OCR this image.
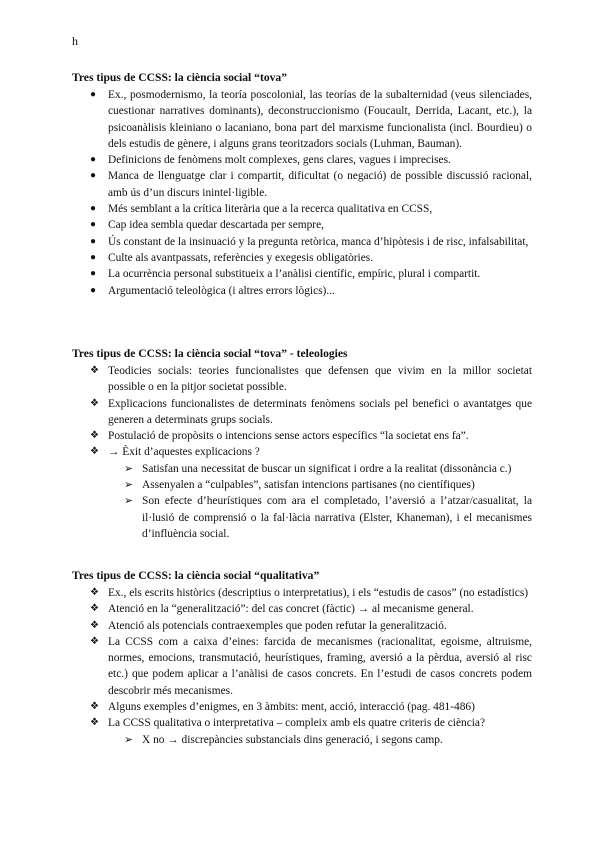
h
Tres tipus de CCSS: la ciència social “tova”
●	Ex., posmodernismo, la teoría poscolonial, las teorías de la subalternidad (veus silenciades, cuestionar narratives dominants), deconstruccionismo (Foucault, Derrida, Lacant, etc.), la psicoanàlisis kleiniano o lacaniano, bona part del marxisme funcionalista (incl. Bourdieu) o dels estudis de gènere, i alguns grans teoritzadors socials (Luhman, Bauman).
●	Definicions de fenòmens molt complexes, gens clares, vagues i imprecises.
●	Manca de llenguatge clar i compartit, dificultat (o negació) de possible discussió racional, amb ús d’un discurs inintel·ligible.
●	Més semblant a la crítica literària que a la recerca qualitativa en CCSS,
●	Cap idea sembla quedar descartada per sempre,
●	Ús constant de la insinuació y la pregunta retòrica, manca d’hipòtesis i de risc, infalsabilitat,
●	Culte als avantpassats, referències y exegesis obligatòries.
●	La ocurrència personal substitueix a l’anàlisi científic, empíric, plural i compartit.
●	Argumentació teleològica (i altres errors lògics)...
Tres tipus de CCSS: la ciència social “tova” - teleologies
❖ Teodicies socials: teories funcionalistes que defensen que vivim en la millor societat possible o en la pitjor societat possible.
❖ Explicacions funcionalistes de determinats fenòmens socials pel benefici o avantatges que generen a determinats grups socials.
❖ Postulació de propòsits o intencions sense actors específics “la societat ens fa”.
❖ → Èxit d’aquestes explicacions ?
➢ Satisfan una necessitat de buscar un significat i ordre a la realitat (dissonància c.)
➢ Assenyalen a “culpables”, satisfan intencions partisanes (no científiques)
➢ Son efecte d’heurístiques com ara el completado, l’aversió a l’atzar/casualitat, la il·lusió de comprensió o la fal·làcia narrativa (Elster, Khaneman), i el mecanismes d’influència social.
Tres tipus de CCSS: la ciència social “qualitativa”
❖ Ex., els escrits històrics (descriptius o interpretatius), i els “estudis de casos” (no estadístics)
❖ Atenció en la “generalització”: del cas concret (fàctic) → al mecanisme general.
❖ Atenció als potencials contraexemples que poden refutar la generalització.
❖ La CCSS com a caixa d’eines: farcida de mecanismes (racionalitat, egoisme, altruisme, normes, emocions, transmutació, heurístiques, framing, aversió a la pèrdua, aversió al risc etc.) que podem aplicar a l’anàlisi de casos concrets. En l’estudi de casos concrets podem descobrir més mecanismes.
❖ Alguns exemples d’enigmes, en 3 àmbits: ment, acció, interacció (pag. 481-486)
❖ La CCSS qualitativa o interpretativa – compleix amb els quatre criteris de ciència?
➢ X no → discrepàncies substancials dins generació, i segons camp.
